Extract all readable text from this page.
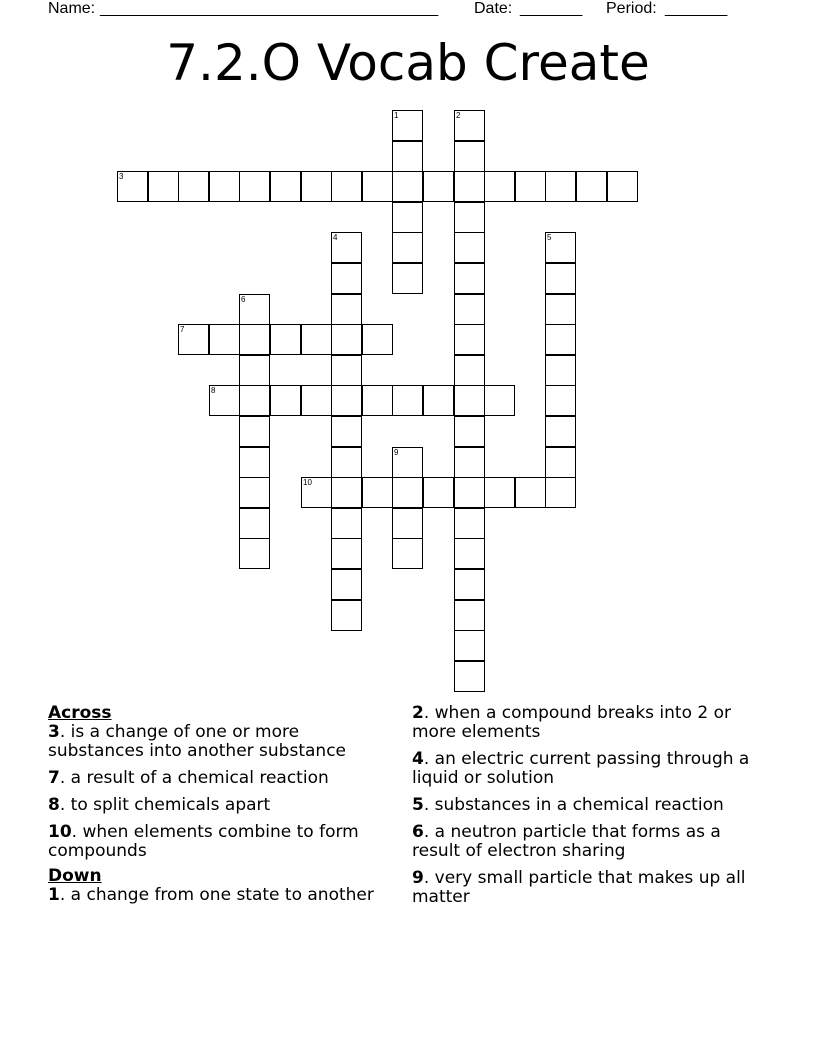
Name: ______________________________________ Date: _______ Period: _______
7.2.O Vocab Create
1	2
3
4	5
6
7
8
9
10
Across
3. is a change of one or more substances into another substance
7. a result of a chemical reaction
8. to split chemicals apart
10. when elements combine to form compounds
Down
1. a change from one state to another
2. when a compound breaks into 2 or more elements
4. an electric current passing through a liquid or solution
5. substances in a chemical reaction
6. a neutron particle that forms as a result of electron sharing
9. very small particle that makes up all matter
